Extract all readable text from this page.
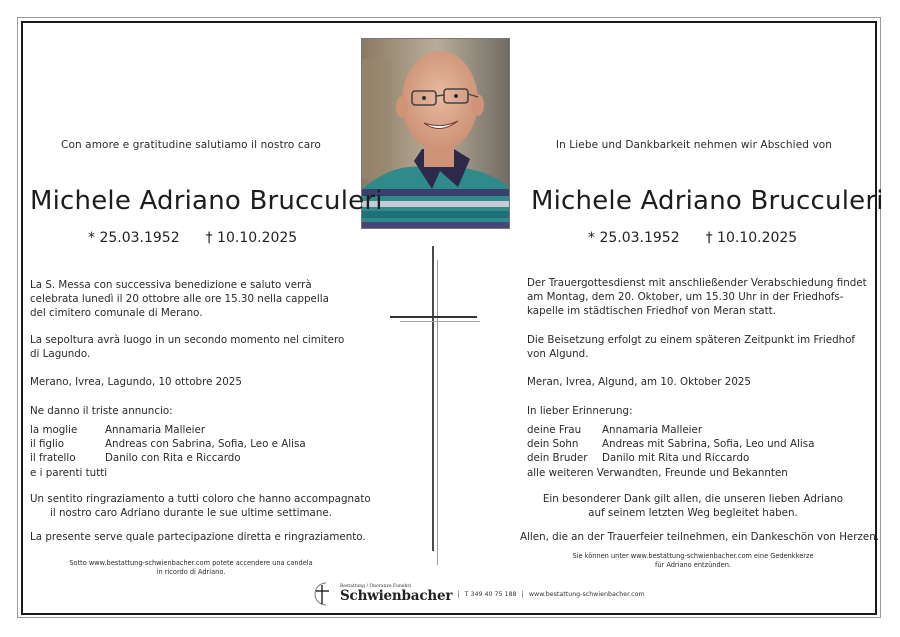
Con amore e gratitudine salutiamo il nostro caro
Michele Adriano Brucculeri
* 25.03.1952 † 10.10.2025
La S. Messa con successiva benedizione e saluto verrà
celebrata lunedì il 20 ottobre alle ore 15.30 nella cappella
del cimitero comunale di Merano.
La sepoltura avrà luogo in un secondo momento nel cimitero
di Lagundo.
Merano, Ivrea, Lagundo, 10 ottobre 2025
Ne danno il triste annuncio:
la moglie	Annamaria Malleier
il figlio	Andreas con Sabrina, Sofia, Leo e Alisa
il fratello	Danilo con Rita e Riccardo
e i parenti tutti
Un sentito ringraziamento a tutti coloro che hanno accompagnato
il nostro caro Adriano durante le sue ultime settimane.
La presente serve quale partecipazione diretta e ringraziamento.
Sotto www.bestattung-schwienbacher.com potete accendere una candela
in ricordo di Adriano.
In Liebe und Dankbarkeit nehmen wir Abschied von
Michele Adriano Brucculeri
* 25.03.1952 † 10.10.2025
Der Trauergottesdienst mit anschließender Verabschiedung findet
am Montag, dem 20. Oktober, um 15.30 Uhr in der Friedhofs-
kapelle im städtischen Friedhof von Meran statt.
Die Beisetzung erfolgt zu einem späteren Zeitpunkt im Friedhof
von Algund.
Meran, Ivrea, Algund, am 10. Oktober 2025
In lieber Erinnerung:
deine Frau	Annamaria Malleier
dein Sohn	Andreas mit Sabrina, Sofia, Leo und Alisa
dein Bruder	Danilo mit Rita und Riccardo
alle weiteren Verwandten, Freunde und Bekannten
Ein besonderer Dank gilt allen, die unseren lieben Adriano
auf seinem letzten Weg begleitet haben.
Allen, die an der Trauerfeier teilnehmen, ein Dankeschön von Herzen.
Sie können unter www.bestattung-schwienbacher.com eine Gedenkkerze
für Adriano entzünden.
Bestattung / Onoranze Funebri
Schwienbacher | T 349 40 75 188 | www.bestattung-schwienbacher.com
